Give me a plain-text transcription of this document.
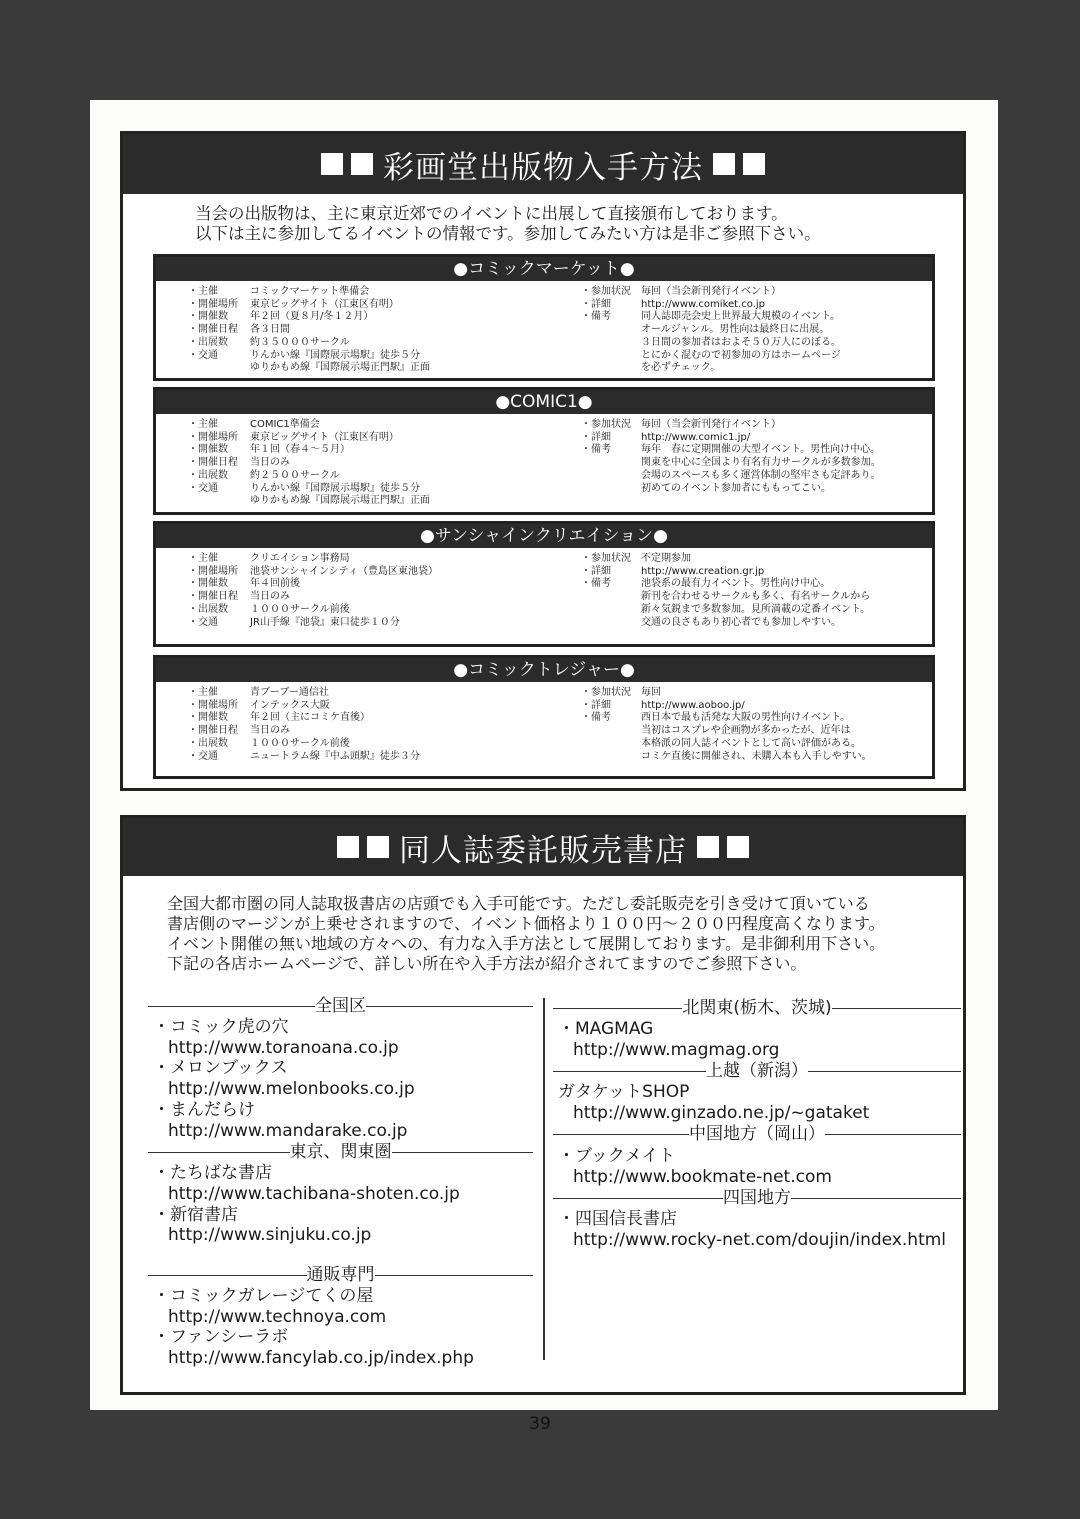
彩画堂出版物入手方法
当会の出版物は、主に東京近郊でのイベントに出展して直接頒布しております。
以下は主に参加してるイベントの情報です。参加してみたい方は是非ご参照下さい。
●コミックマーケット●
・主催	コミックマーケット準備会
・開催場所	東京ビッグサイト（江東区有明）
・開催数	年２回（夏８月/冬１２月）
・開催日程	各３日間
・出展数	約３５０００サークル
・交通	りんかい線『国際展示場駅』徒歩５分
ゆりかもめ線『国際展示場正門駅』正面
・参加状況	毎回（当会新刊発行イベント）
・詳細	http://www.comiket.co.jp
・備考	同人誌即売会史上世界最大規模のイベント。
オールジャンル。男性向は最終日に出展。
３日間の参加者はおよそ５０万人にのぼる。
とにかく混むので初参加の方はホームページ
を必ずチェック。
●COMIC1●
・主催	COMIC1準備会
・開催場所	東京ビッグサイト（江東区有明）
・開催数	年１回（春４～５月）
・開催日程	当日のみ
・出展数	約２５００サークル
・交通	りんかい線『国際展示場駅』徒歩５分
ゆりかもめ線『国際展示場正門駅』正面
・参加状況	毎回（当会新刊発行イベント）
・詳細	http://www.comic1.jp/
・備考	毎年　春に定期開催の大型イベント。男性向け中心。
関東を中心に全国より有名有力サークルが多数参加。
会場のスペースも多く運営体制の堅牢さも定評あり。
初めてのイベント参加者にももってこい。
●サンシャインクリエイション●
・主催	クリエイション事務局
・開催場所	池袋サンシャインシティ（豊島区東池袋）
・開催数	年４回前後
・開催日程	当日のみ
・出展数	１０００サークル前後
・交通	JR山手線『池袋』東口徒歩１０分
・参加状況	不定期参加
・詳細	http://www.creation.gr.jp
・備考	池袋系の最有力イベント。男性向け中心。
新刊を合わせるサークルも多く、有名サークルから
新々気鋭まで多数参加。見所満載の定番イベント。
交通の良さもあり初心者でも参加しやすい。
●コミックトレジャー●
・主催	青ブーブー通信社
・開催場所	インテックス大阪
・開催数	年２回（主にコミケ直後）
・開催日程	当日のみ
・出展数	１０００サークル前後
・交通	ニュートラム線『中ふ頭駅』徒歩３分
・参加状況	毎回
・詳細	http://www.aoboo.jp/
・備考	西日本で最も活発な大阪の男性向けイベント。
当初はコスプレや企画物が多かったが、近年は
本格派の同人誌イベントとして高い評価がある。
コミケ直後に開催され、未購入本も入手しやすい。
同人誌委託販売書店
全国大都市圏の同人誌取扱書店の店頭でも入手可能です。ただし委託販売を引き受けて頂いている
書店側のマージンが上乗せされますので、イベント価格より１００円～２００円程度高くなります。
イベント開催の無い地域の方々への、有力な入手方法として展開しております。是非御利用下さい。
下記の各店ホームページで、詳しい所在や入手方法が紹介されてますのでご参照下さい。
全国区
・コミック虎の穴
http://www.toranoana.co.jp
・メロンブックス
http://www.melonbooks.co.jp
・まんだらけ
http://www.mandarake.co.jp
東京、関東圏
・たちばな書店
http://www.tachibana-shoten.co.jp
・新宿書店
http://www.sinjuku.co.jp
通販専門
・コミックガレージてくの屋
http://www.technoya.com
・ファンシーラボ
http://www.fancylab.co.jp/index.php
北関東(栃木、茨城)
・MAGMAG
http://www.magmag.org
上越（新潟）
ガタケットSHOP
http://www.ginzado.ne.jp/~gataket
中国地方（岡山）
・ブックメイト
http://www.bookmate-net.com
四国地方
・四国信長書店
http://www.rocky-net.com/doujin/index.html
39
